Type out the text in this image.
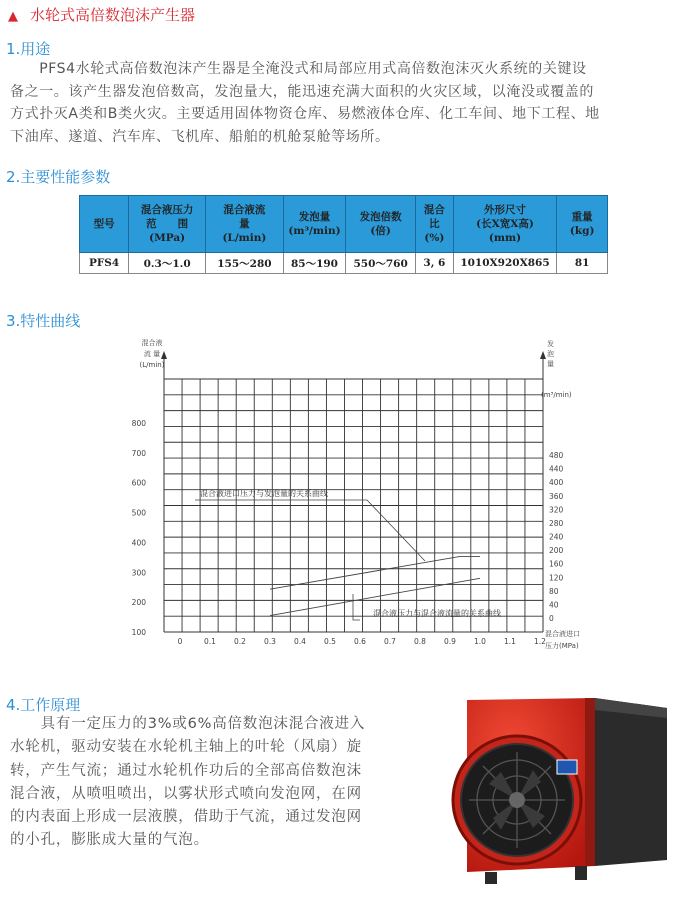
▲ 水轮式高倍数泡沫产生器
1.用途

　　PFS4水轮式高倍数泡沫产生器是全淹没式和局部应用式高倍数泡沫灭火系统的关键设

备之一。该产生器发泡倍数高，发泡量大，能迅速充满大面积的火灾区域，以淹没或覆盖的

方式扑灭A类和B类火灾。主要适用固体物资仓库、易燃液体仓库、化工车间、地下工程、地

下油库、遂道、汽车库、飞机库、船舶的机舱泵舱等场所。

2.主要性能参数
型号	混合液压力
范　　围
(MPa)	混合液流
量
(L/min)	发泡量
(m³/min)	发泡倍数
(倍)	混合
比
(%)	外形尺寸
(长X宽X高)
(mm)	重量
(kg)
PFS4	0.3～1.0	155～280	85～190	550～760	3, 6	1010X920X865	81
3.特性曲线
0	0.1 0.2 0.3 0.4 0.5 0.6 0.7 0.8 0.9 1.0 1.1 1.2
100
200
300
400
500
600
700
800
0
40
80
120
160
200
240
280
320
360
400
440
480
混合液
流 量
(L/min)
发
泡
量
(m³/min)
混合液进口
压力(MPa)
混合液进口压力与发泡量的关系曲线
混合液压力与混合液流量的关系曲线
4.工作原理

　　具有一定压力的3%或6%高倍数泡沫混合液进入

水轮机，驱动安装在水轮机主轴上的叶轮（风扇）旋

转，产生气流；通过水轮机作功后的全部高倍数泡沫

混合液，从喷咀喷出，以雾状形式喷向发泡网，在网

的内表面上形成一层液膜，借助于气流，通过发泡网

的小孔，膨胀成大量的气泡。
